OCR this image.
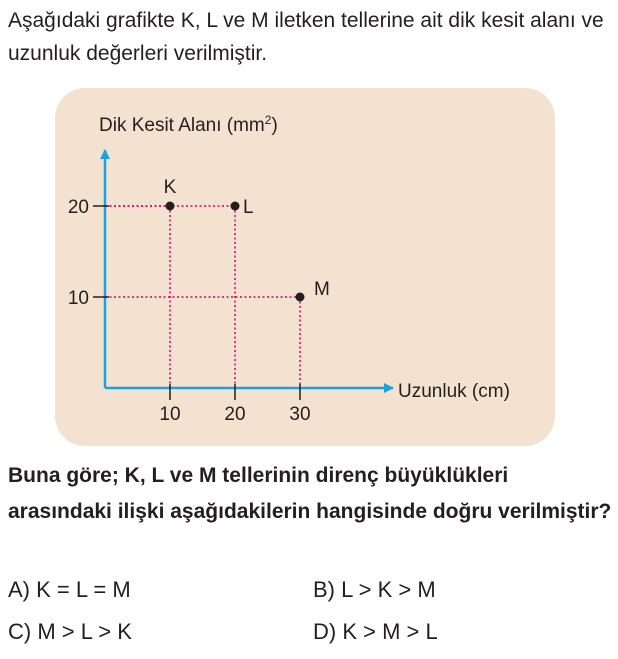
Aşağıdaki grafikte K, L ve M iletken tellerine ait dik kesit alanı ve uzunluk değerleri verilmiştir.
10 20 30
20
10
K
L
M
Dik Kesit Alanı $(mm^2)$
Uzunluk (cm)
Buna göre; K, L ve M tellerinin direnç büyüklükleri arasındaki ilişki aşağıdakilerin hangisinde doğru verilmiştir?
A) K = L = M	B) L > K > M
C) M > L > K	D) K > M > L
